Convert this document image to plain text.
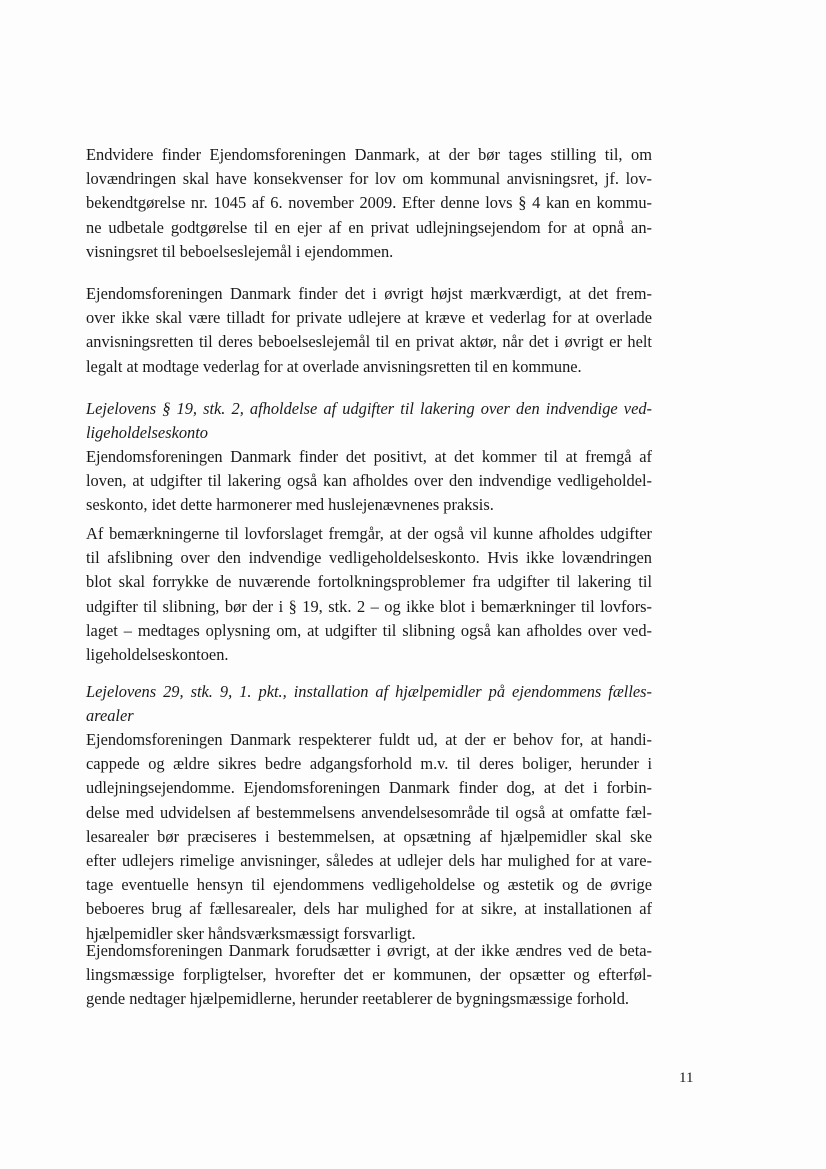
Endvidere finder Ejendomsforeningen Danmark, at der bør tages stilling til, om
lovændringen skal have konsekvenser for lov om kommunal anvisningsret, jf. lov-
bekendtgørelse nr. 1045 af 6. november 2009. Efter denne lovs § 4 kan en kommu-
ne udbetale godtgørelse til en ejer af en privat udlejningsejendom for at opnå an-
visningsret til beboelseslejemål i ejendommen.
Ejendomsforeningen Danmark finder det i øvrigt højst mærkværdigt, at det frem-
over ikke skal være tilladt for private udlejere at kræve et vederlag for at overlade
anvisningsretten til deres beboelseslejemål til en privat aktør, når det i øvrigt er helt
legalt at modtage vederlag for at overlade anvisningsretten til en kommune.
Lejelovens § 19, stk. 2, afholdelse af udgifter til lakering over den indvendige ved-
ligeholdelseskonto
Ejendomsforeningen Danmark finder det positivt, at det kommer til at fremgå af
loven, at udgifter til lakering også kan afholdes over den indvendige vedligeholdel-
seskonto, idet dette harmonerer med huslejenævnenes praksis.
Af bemærkningerne til lovforslaget fremgår, at der også vil kunne afholdes udgifter
til afslibning over den indvendige vedligeholdelseskonto. Hvis ikke lovændringen
blot skal forrykke de nuværende fortolkningsproblemer fra udgifter til lakering til
udgifter til slibning, bør der i § 19, stk. 2 – og ikke blot i bemærkninger til lovfors-
laget – medtages oplysning om, at udgifter til slibning også kan afholdes over ved-
ligeholdelseskontoen.
Lejelovens 29, stk. 9, 1. pkt., installation af hjælpemidler på ejendommens fælles-
arealer
Ejendomsforeningen Danmark respekterer fuldt ud, at der er behov for, at handi-
cappede og ældre sikres bedre adgangsforhold m.v. til deres boliger, herunder i
udlejningsejendomme. Ejendomsforeningen Danmark finder dog, at det i forbin-
delse med udvidelsen af bestemmelsens anvendelsesområde til også at omfatte fæl-
lesarealer bør præciseres i bestemmelsen, at opsætning af hjælpemidler skal ske
efter udlejers rimelige anvisninger, således at udlejer dels har mulighed for at vare-
tage eventuelle hensyn til ejendommens vedligeholdelse og æstetik og de øvrige
beboeres brug af fællesarealer, dels har mulighed for at sikre, at installationen af
hjælpemidler sker håndsværksmæssigt forsvarligt.
Ejendomsforeningen Danmark forudsætter i øvrigt, at der ikke ændres ved de beta-
lingsmæssige forpligtelser, hvorefter det er kommunen, der opsætter og efterføl-
gende nedtager hjælpemidlerne, herunder reetablerer de bygningsmæssige forhold.
11
